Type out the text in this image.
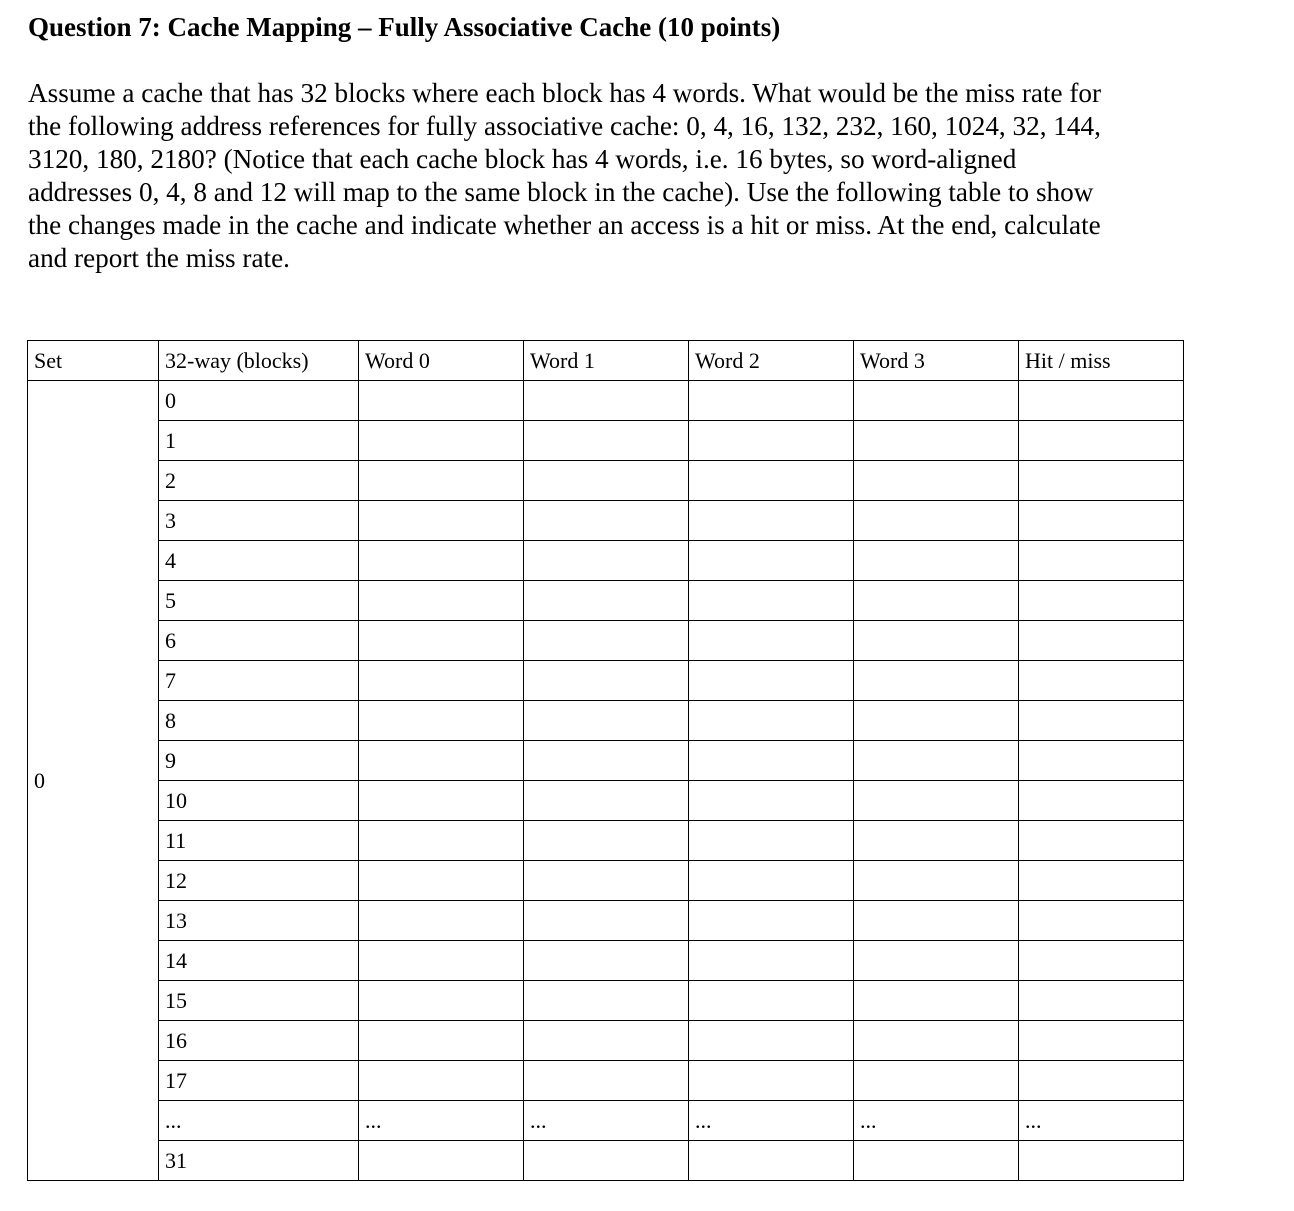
Question 7: Cache Mapping – Fully Associative Cache (10 points)
Assume a cache that has 32 blocks where each block has 4 words. What would be the miss rate for
the following address references for fully associative cache: 0, 4, 16, 132, 232, 160, 1024, 32, 144,
3120, 180, 2180? (Notice that each cache block has 4 words, i.e. 16 bytes, so word-aligned
addresses 0, 4, 8 and 12 will map to the same block in the cache). Use the following table to show
the changes made in the cache and indicate whether an access is a hit or miss. At the end, calculate
and report the miss rate.
Set	32-way (blocks)	Word 0	Word 1	Word 2	Word 3	Hit / miss
0	0					
	1					
	2					
	3					
	4					
	5					
	6					
	7					
	8					
	9					
	10					
	11					
	12					
	13					
	14					
	15					
	16					
	17					
	...	...	...	...	...	...
	31					
